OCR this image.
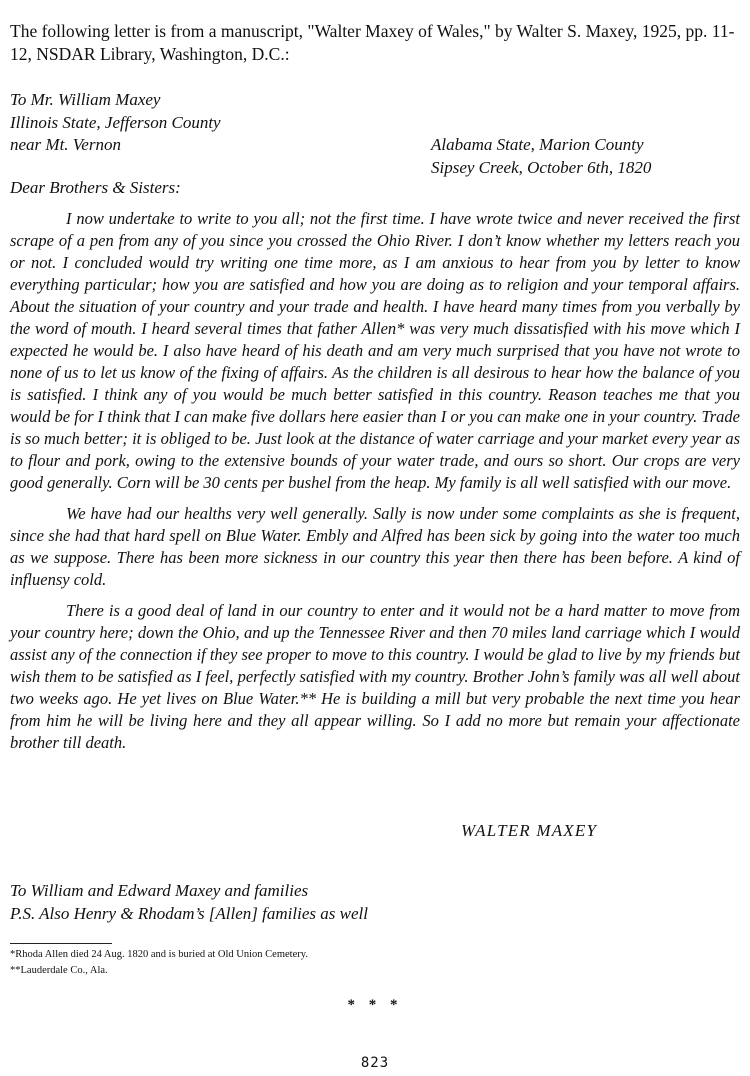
The following letter is from a manuscript, "Walter Maxey of Wales," by Walter S. Maxey, 1925, pp. 11-12, NSDAR Library, Washington, D.C.:

To Mr. William Maxey
Illinois State, Jefferson County
near Mt. Vernon	Alabama State, Marion County
Sipsey Creek, October 6th, 1820

Dear Brothers & Sisters:

I now undertake to write to you all; not the first time. I have wrote twice and never received the first scrape of a pen from any of you since you crossed the Ohio River. I don’t know whether my letters reach you or not. I concluded would try writing one time more, as I am anxious to hear from you by letter to know everything particular; how you are satisfied and how you are doing as to religion and your temporal affairs. About the situation of your country and your trade and health. I have heard many times from you verbally by the word of mouth. I heard several times that father Allen* was very much dissatisfied with his move which I expected he would be. I also have heard of his death and am very much surprised that you have not wrote to none of us to let us know of the fixing of affairs. As the children is all desirous to hear how the balance of you is satisfied. I think any of you would be much better satisfied in this country. Reason teaches me that you would be for I think that I can make five dollars here easier than I or you can make one in your country. Trade is so much better; it is obliged to be. Just look at the distance of water carriage and your market every year as to flour and pork, owing to the extensive bounds of your water trade, and ours so short. Our crops are very good generally. Corn will be 30 cents per bushel from the heap. My family is all well satisfied with our move.

We have had our healths very well generally. Sally is now under some complaints as she is frequent, since she had that hard spell on Blue Water. Embly and Alfred has been sick by going into the water too much as we suppose. There has been more sickness in our country this year then there has been before. A kind of influensy cold.

There is a good deal of land in our country to enter and it would not be a hard matter to move from your country here; down the Ohio, and up the Tennessee River and then 70 miles land carriage which I would assist any of the connection if they see proper to move to this country. I would be glad to live by my friends but wish them to be satisfied as I feel, perfectly satisfied with my country. Brother John’s family was all well about two weeks ago. He yet lives on Blue Water.** He is building a mill but very probable the next time you hear from him he will be living here and they all appear willing. So I add no more but remain your affectionate brother till death.

WALTER MAXEY

To William and Edward Maxey and families
P.S. Also Henry & Rhodam’s [Allen] families as well

*Rhoda Allen died 24 Aug. 1820 and is buried at Old Union Cemetery.
**Lauderdale Co., Ala.

* * *

823
